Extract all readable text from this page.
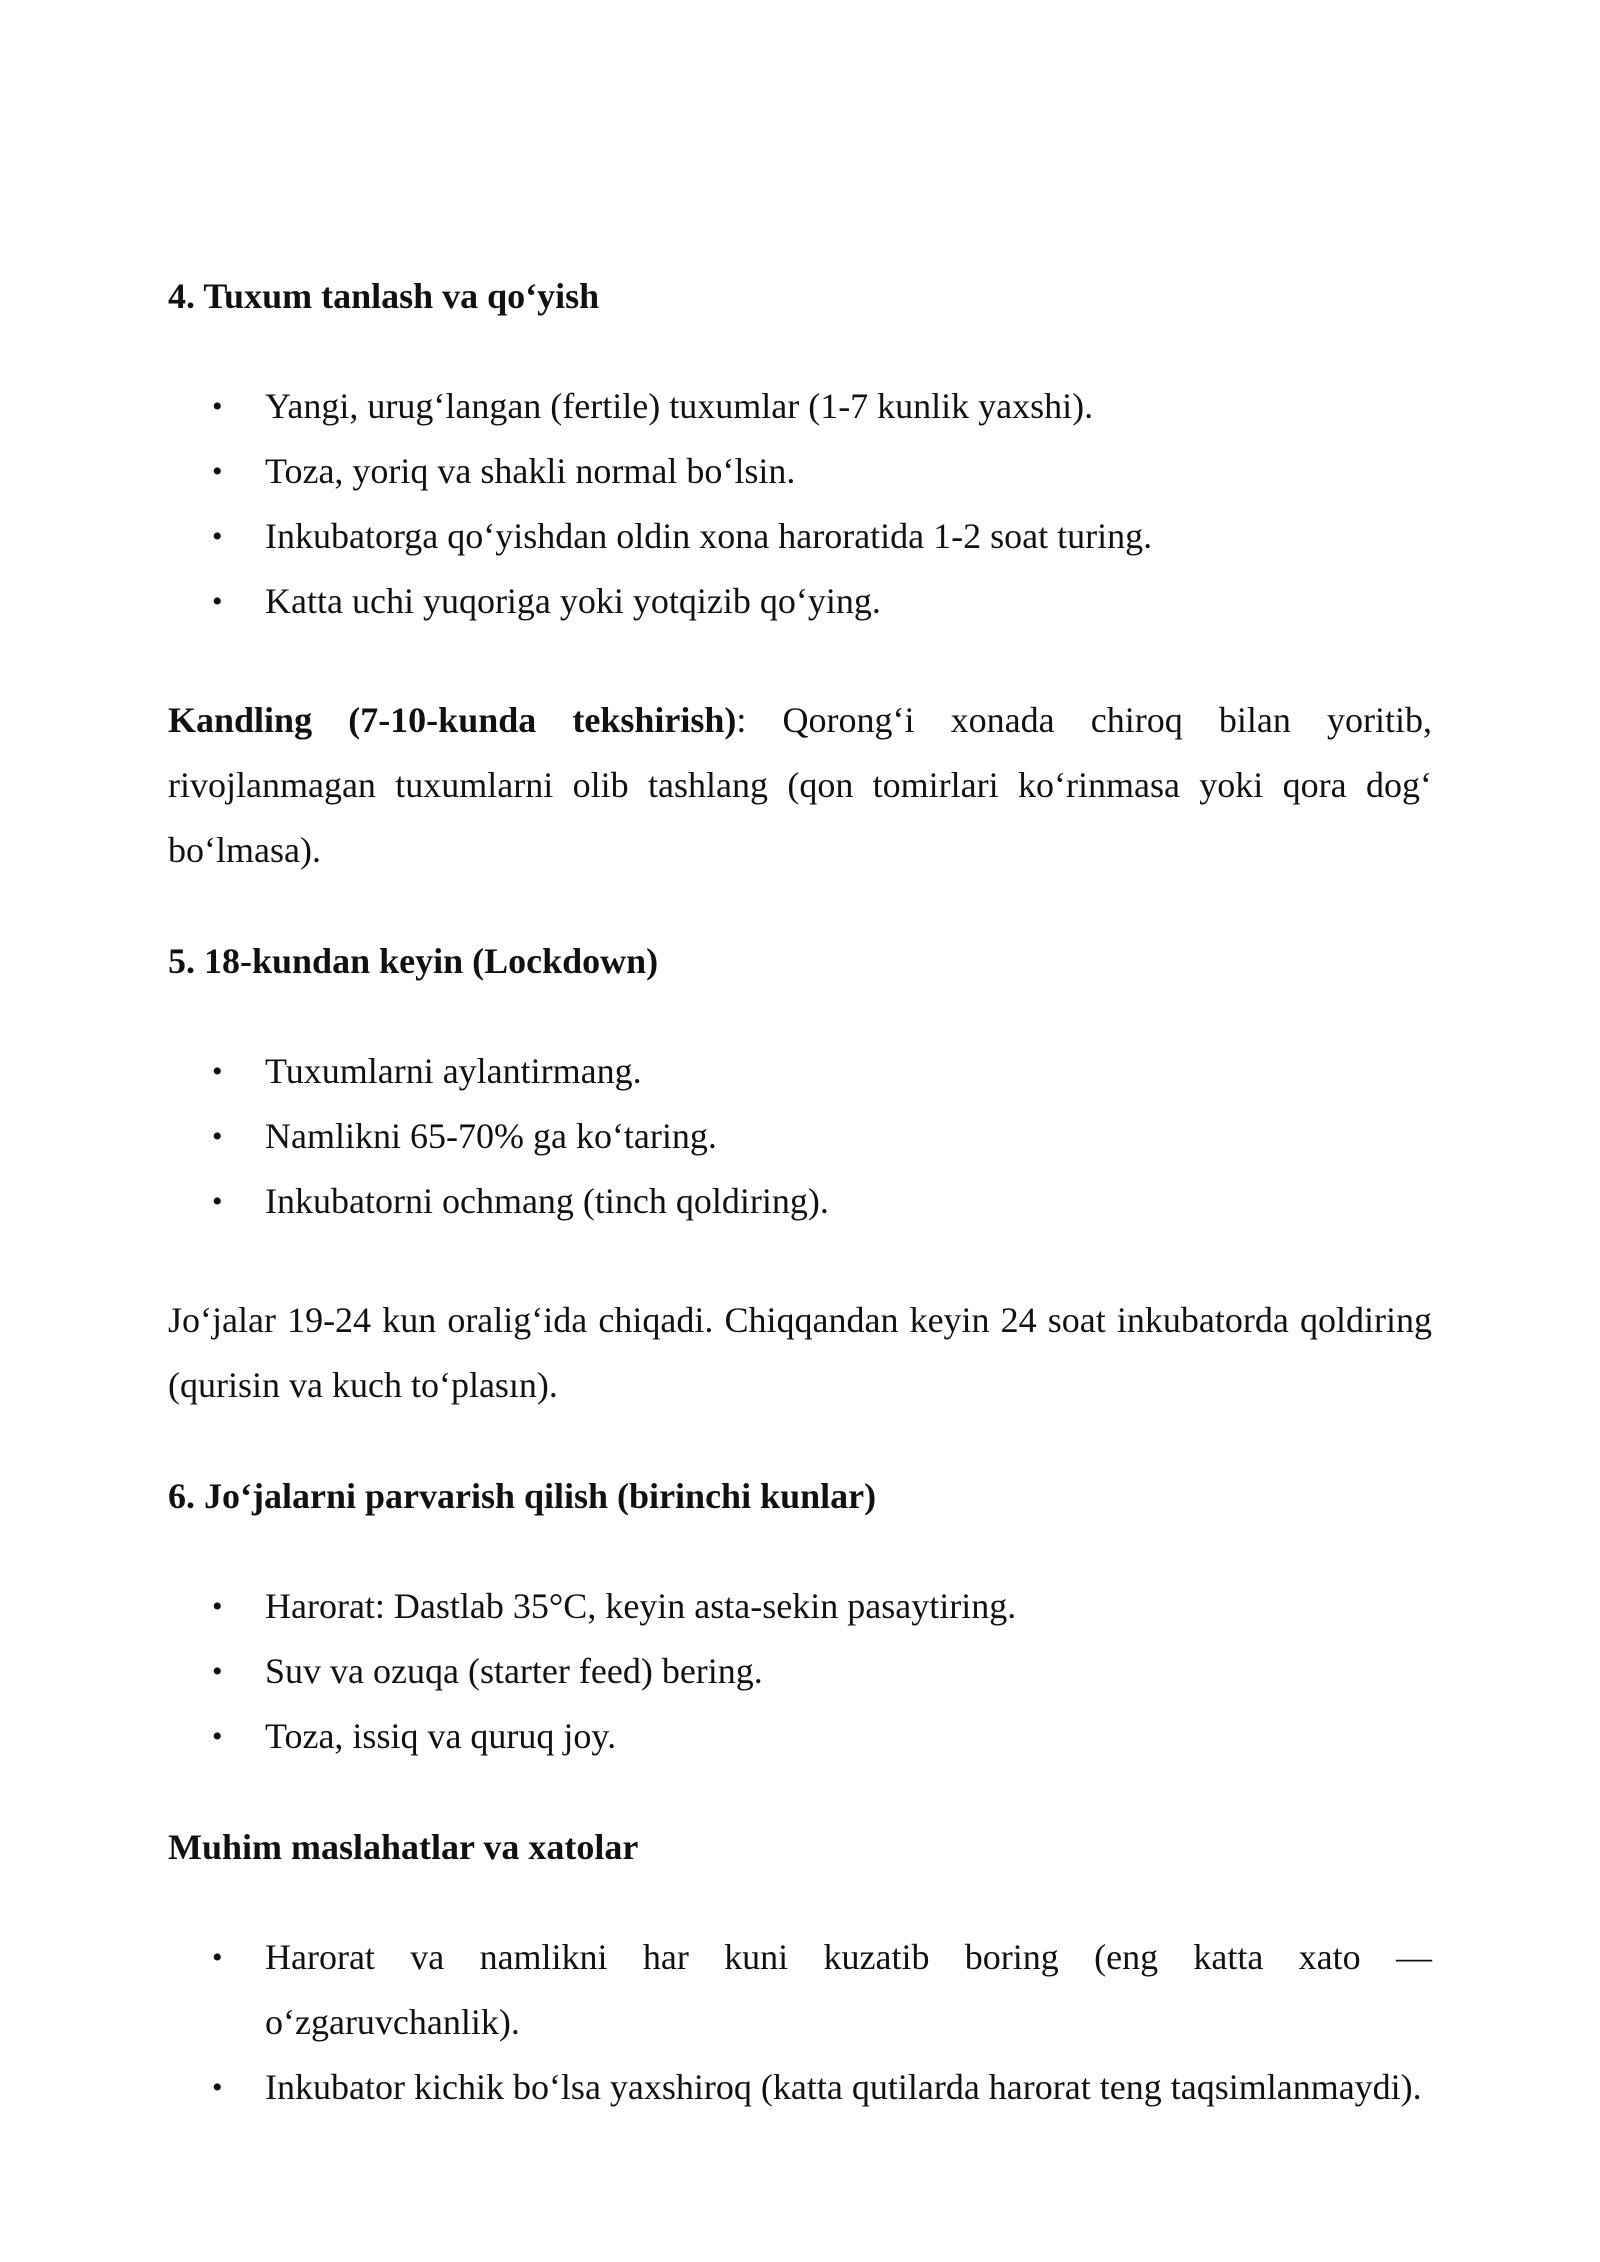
4. Tuxum tanlash va qo‘yish
• Yangi, urug‘langan (fertile) tuxumlar (1-7 kunlik yaxshi).
• Toza, yoriq va shakli normal bo‘lsin.
• Inkubatorga qo‘yishdan oldin xona haroratida 1-2 soat turing.
• Katta uchi yuqoriga yoki yotqizib qo‘ying.

Kandling (7-10-kunda tekshirish): Qorong‘i xonada chiroq bilan yoritib, rivojlanmagan tuxumlarni olib tashlang (qon tomirlari ko‘rinmasa yoki qora dog‘ bo‘lmasa).

5. 18-kundan keyin (Lockdown)
• Tuxumlarni aylantirmang.
• Namlikni 65-70% ga ko‘taring.
• Inkubatorni ochmang (tinch qoldiring).

Jo‘jalar 19-24 kun oralig‘ida chiqadi. Chiqqandan keyin 24 soat inkubatorda qoldiring (qurisin va kuch to‘plasın).

6. Jo‘jalarni parvarish qilish (birinchi kunlar)
• Harorat: Dastlab 35°C, keyin asta-sekin pasaytiring.
• Suv va ozuqa (starter feed) bering.
• Toza, issiq va quruq joy.
Muhim maslahatlar va xatolar
• Harorat va namlikni har kuni kuzatib boring (eng katta xato — o‘zgaruvchanlik).
• Inkubator kichik bo‘lsa yaxshiroq (katta qutilarda harorat teng taqsimlanmaydi).
